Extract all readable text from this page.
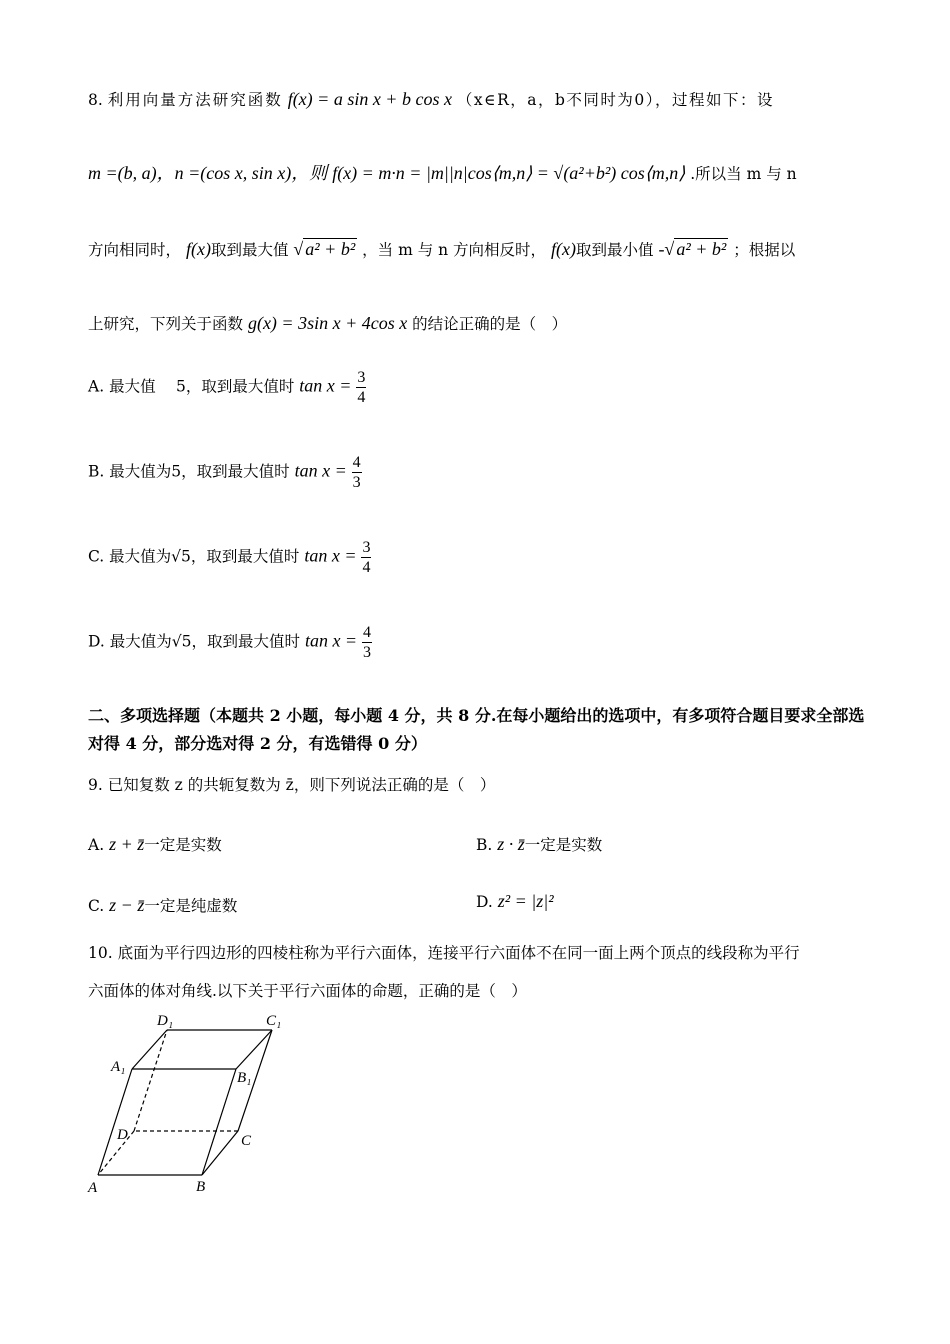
8. 利用向量方法研究函数 f(x) = a sin x + b cos x （x∈R，a，b不同时为0），过程如下：设
m =(b, a)，n =(cos x, sin x)，则 f(x) = m·n = |m||n|cos⟨m,n⟩ = √(a²+b²) cos⟨m,n⟩ .所以当 m 与 n
方向相同时， f(x)取到最大值 √ a² + b² ，当 m 与 n 方向相反时， f(x)取到最小值 -√ a² + b² ；根据以
上研究，下列关于函数 g(x) = 3sin x + 4cos x 的结论正确的是（　）
A. 最大值　 5，取到最大值时 $\tan x = \frac{3}{4}$
B. 最大值为5，取到最大值时 $\tan x = \frac{4}{3}$
C. 最大值为√5，取到最大值时 $\tan x = \frac{3}{4}$
D. 最大值为√5，取到最大值时 $\tan x = \frac{4}{3}$
二、多项选择题（本题共 2 小题，每小题 4 分，共 8 分.在每小题给出的选项中，有多项符合题目要求全部选对得 4 分，部分选对得 2 分，有选错得 0 分）
9. 已知复数 z 的共轭复数为 z̄，则下列说法正确的是（　）
A. z + z̄一定是实数	B. z · z̄一定是实数
C. z − z̄一定是纯虚数	D. z² = |z|²
10. 底面为平行四边形的四棱柱称为平行六面体，连接平行六面体不在同一面上两个顶点的线段称为平行
六面体的体对角线.以下关于平行六面体的命题，正确的是（　）
A	B
C
D
A₁
B₁
C₁
D₁
